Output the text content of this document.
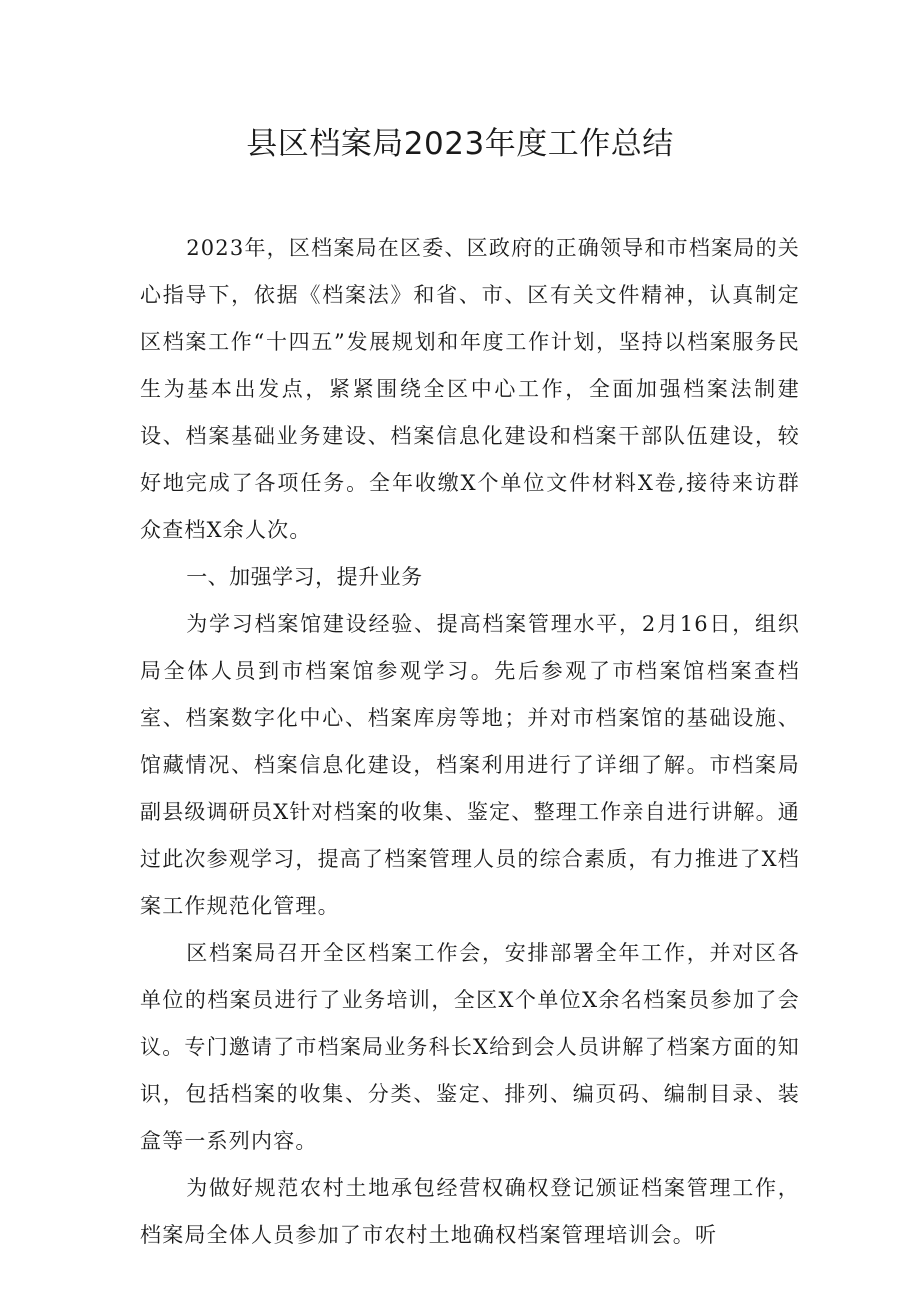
县区档案局2023年度工作总结

2023年，区档案局在区委、区政府的正确领导和市档案局的关心指导下，依据《档案法》和省、市、区有关文件精神，认真制定区档案工作“十四五”发展规划和年度工作计划，坚持以档案服务民生为基本出发点，紧紧围绕全区中心工作，全面加强档案法制建设、档案基础业务建设、档案信息化建设和档案干部队伍建设，较好地完成了各项任务。全年收缴X个单位文件材料X卷,接待来访群众查档X余人次。

一、加强学习，提升业务

为学习档案馆建设经验、提高档案管理水平，2月16日，组织局全体人员到市档案馆参观学习。先后参观了市档案馆档案查档室、档案数字化中心、档案库房等地；并对市档案馆的基础设施、馆藏情况、档案信息化建设，档案利用进行了详细了解。市档案局副县级调研员X针对档案的收集、鉴定、整理工作亲自进行讲解。通过此次参观学习，提高了档案管理人员的综合素质，有力推进了X档案工作规范化管理。

区档案局召开全区档案工作会，安排部署全年工作，并对区各单位的档案员进行了业务培训，全区X个单位X余名档案员参加了会议。专门邀请了市档案局业务科长X给到会人员讲解了档案方面的知识，包括档案的收集、分类、鉴定、排列、编页码、编制目录、装盒等一系列内容。

为做好规范农村土地承包经营权确权登记颁证档案管理工作，档案局全体人员参加了市农村土地确权档案管理培训会。听
